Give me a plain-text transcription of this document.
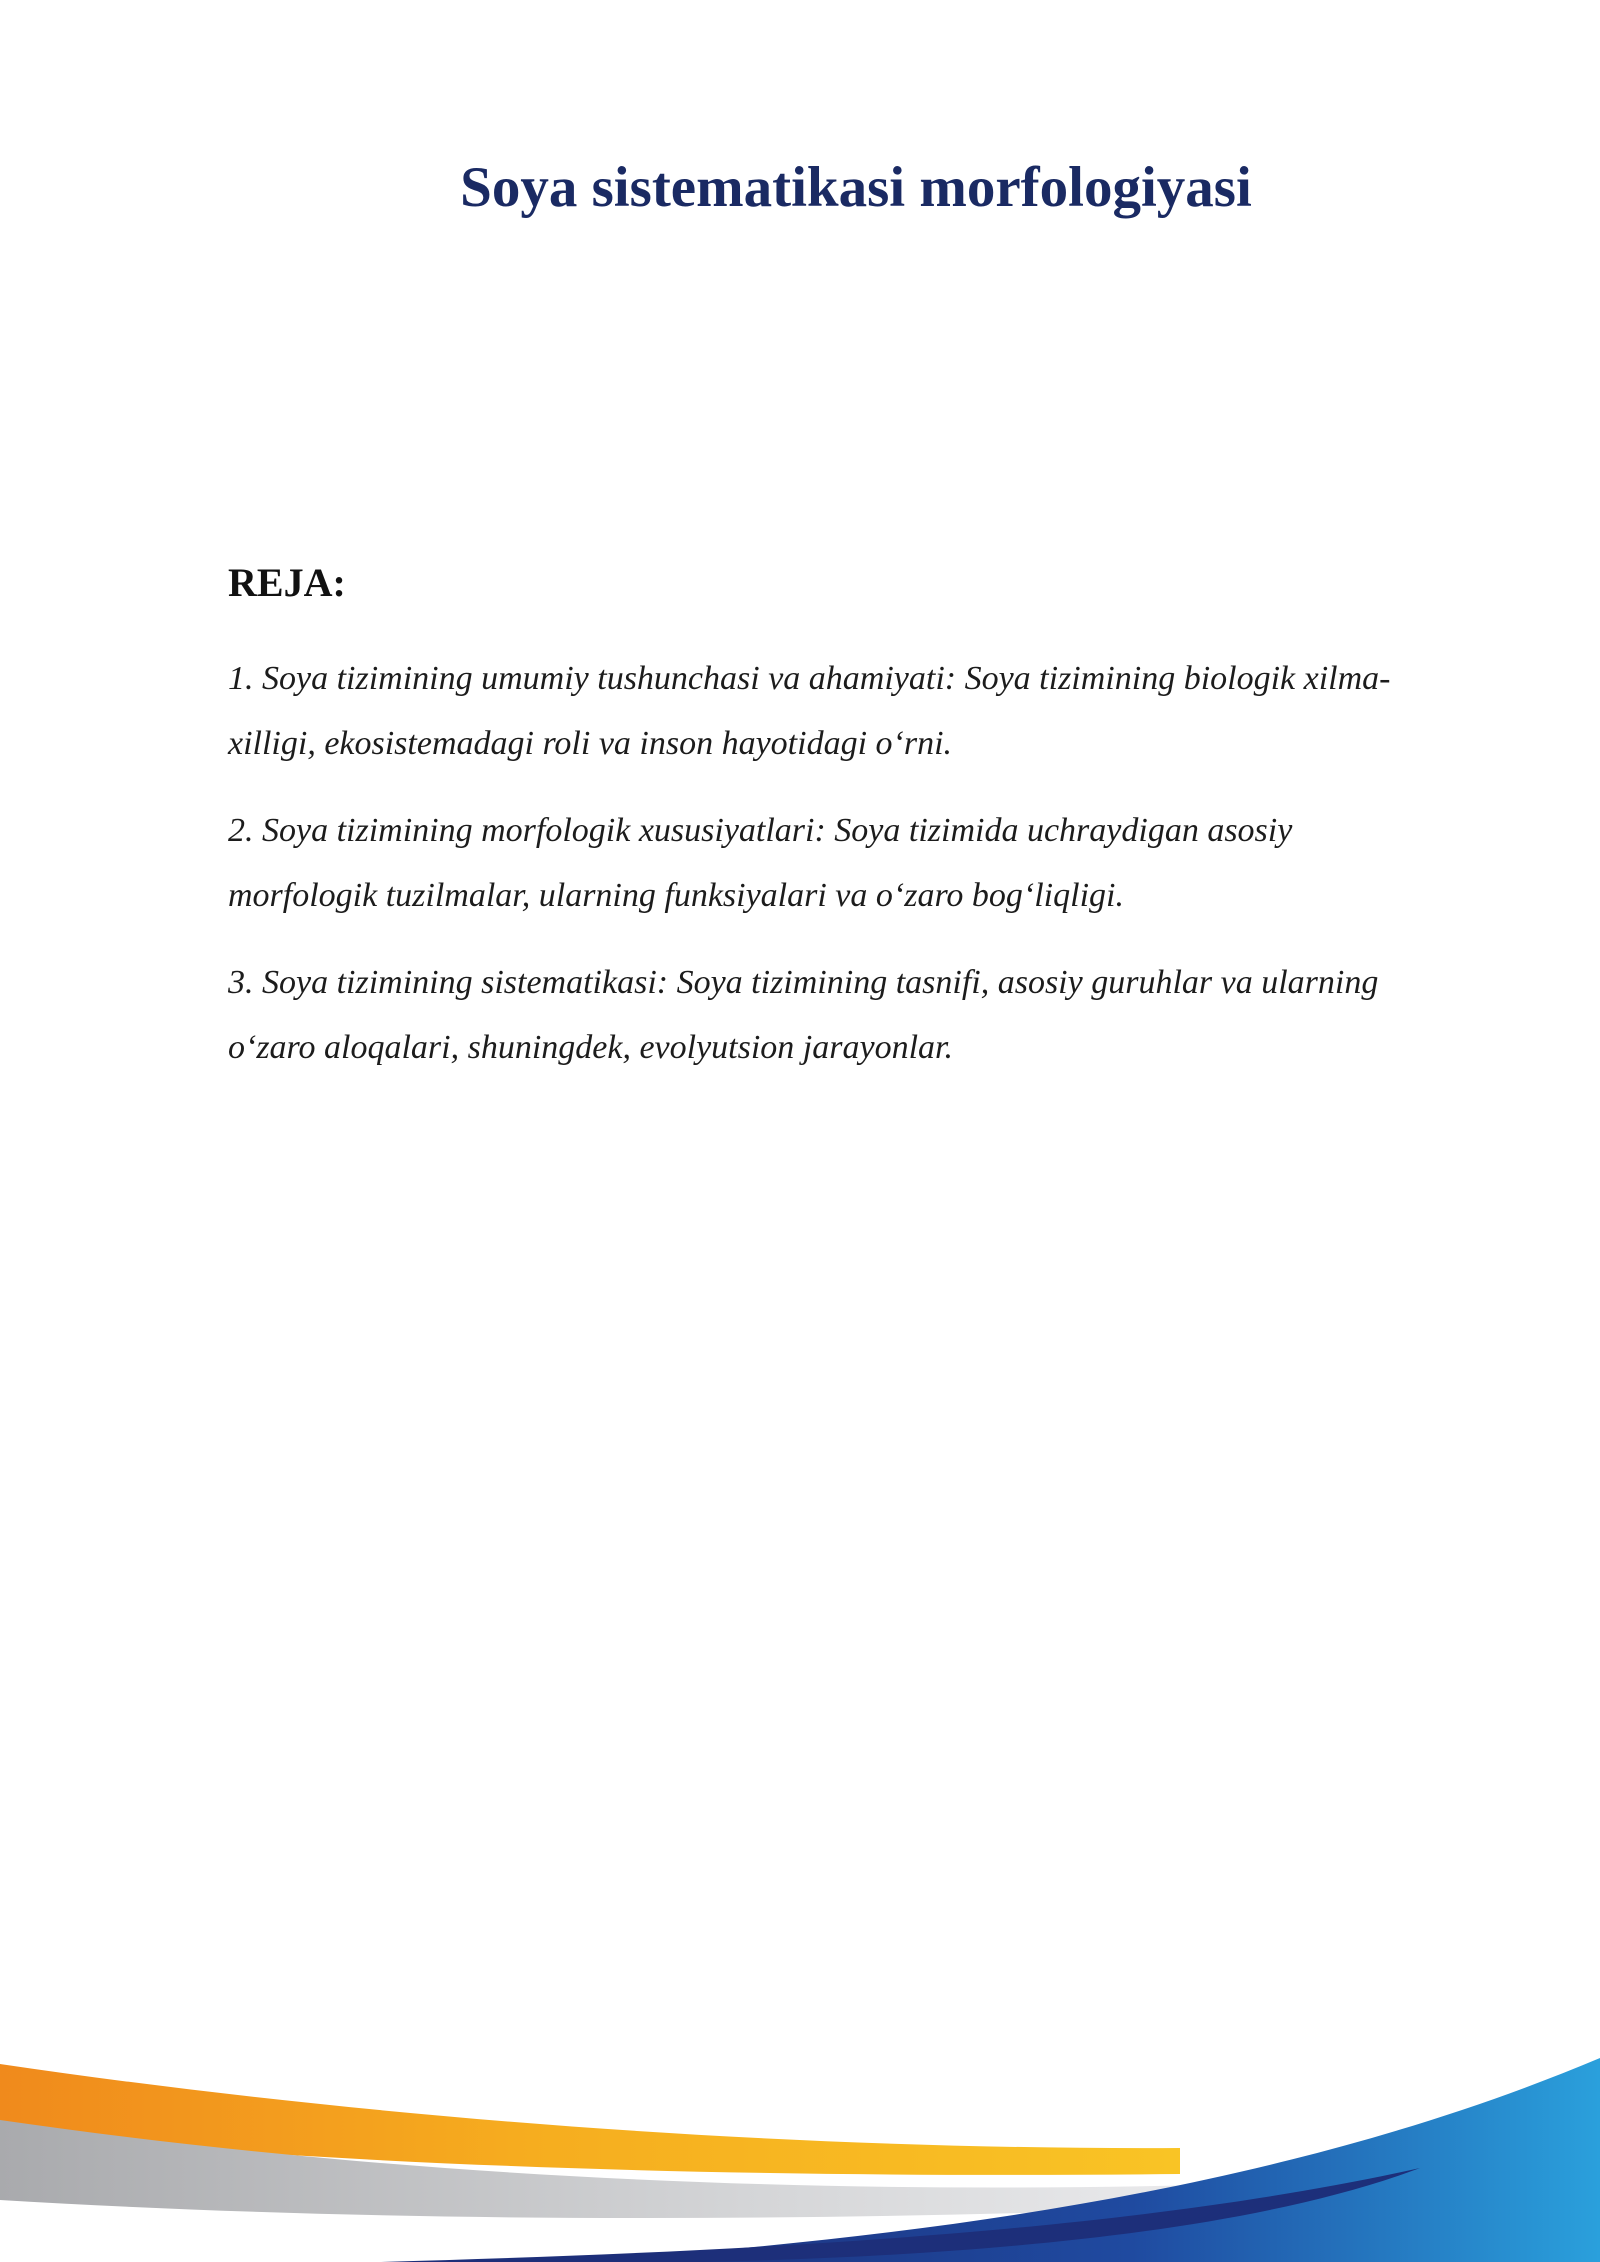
Soya sistematikasi morfologiyasi
REJA:
1. Soya tizimining umumiy tushunchasi va ahamiyati: Soya tizimining biologik xilma-xilligi, ekosistemadagi roli va inson hayotidagi o‘rni.
2. Soya tizimining morfologik xususiyatlari: Soya tizimida uchraydigan asosiy morfologik tuzilmalar, ularning funksiyalari va o‘zaro bog‘liqligi.
3. Soya tizimining sistematikasi: Soya tizimining tasnifi, asosiy guruhlar va ularning o‘zaro aloqalari, shuningdek, evolyutsion jarayonlar.
